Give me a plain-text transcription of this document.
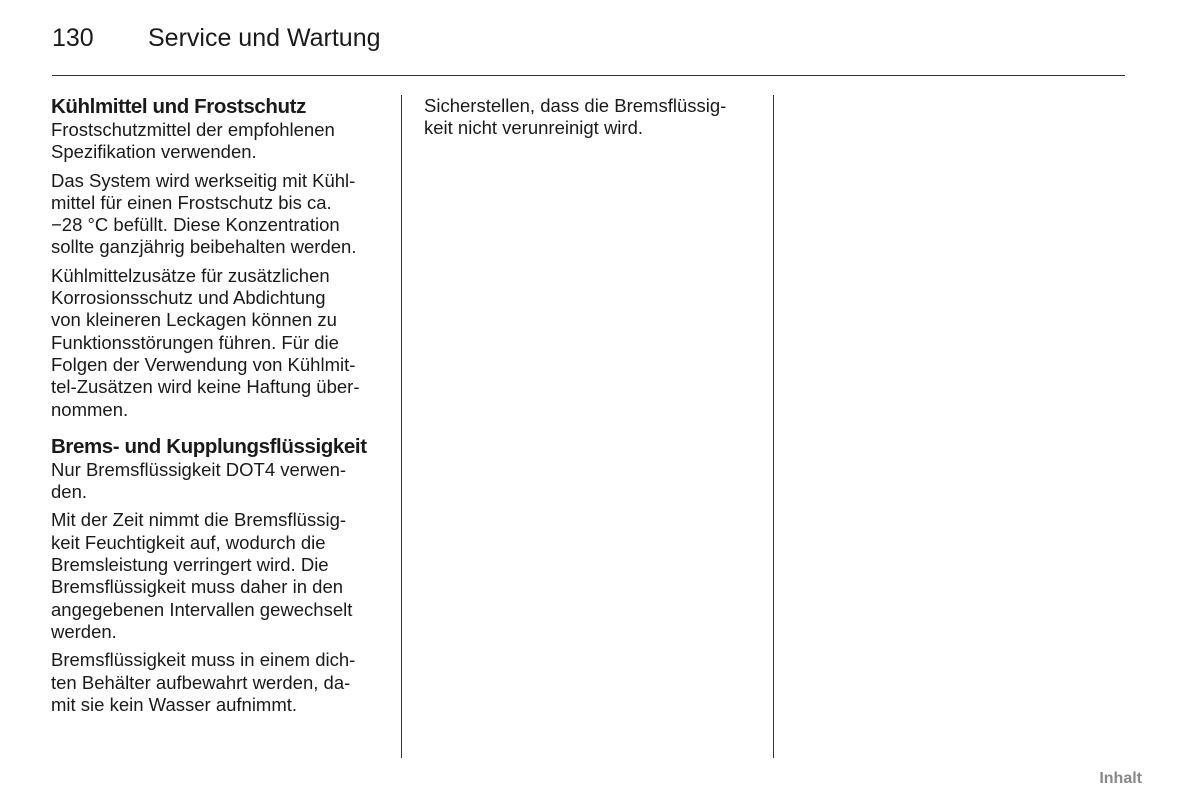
130	Service und Wartung
Kühlmittel und Frostschutz
Frostschutzmittel der empfohlenen
Spezifikation verwenden.
Das System wird werkseitig mit Kühl-
mittel für einen Frostschutz bis ca.
−28 °C befüllt. Diese Konzentration
sollte ganzjährig beibehalten werden.
Kühlmittelzusätze für zusätzlichen
Korrosionsschutz und Abdichtung
von kleineren Leckagen können zu
Funktionsstörungen führen. Für die
Folgen der Verwendung von Kühlmit-
tel-Zusätzen wird keine Haftung über-
nommen.
Brems- und Kupplungsflüssigkeit
Nur Bremsflüssigkeit DOT4 verwen-
den.
Mit der Zeit nimmt die Bremsflüssig-
keit Feuchtigkeit auf, wodurch die
Bremsleistung verringert wird. Die
Bremsflüssigkeit muss daher in den
angegebenen Intervallen gewechselt
werden.
Bremsflüssigkeit muss in einem dich-
ten Behälter aufbewahrt werden, da-
mit sie kein Wasser aufnimmt.
Sicherstellen, dass die Bremsflüssig-
keit nicht verunreinigt wird.
Inhalt
